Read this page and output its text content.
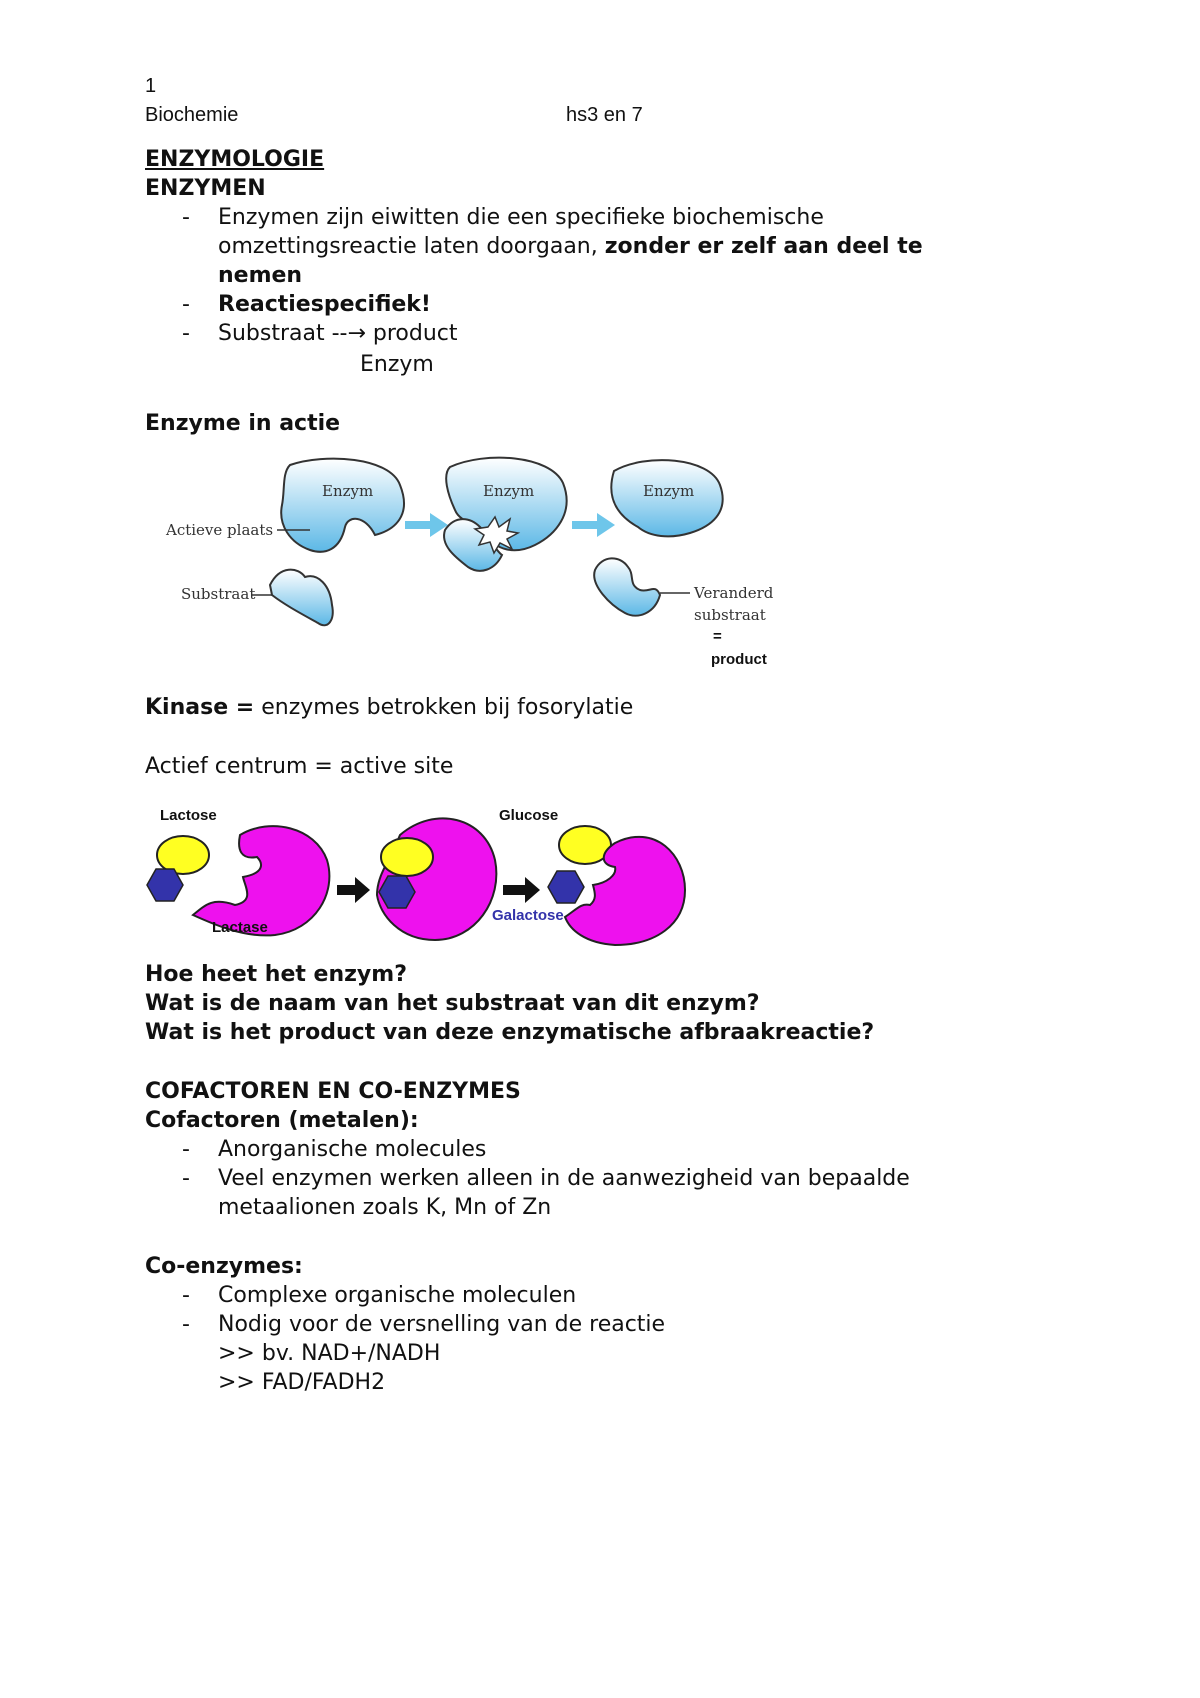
1
Biochemie	hs3 en 7
ENZYMOLOGIE
ENZYMEN
- Enzymen zijn eiwitten die een specifieke biochemische
omzettingsreactie laten doorgaan, zonder er zelf aan deel te
nemen
- Reactiespecifiek!
- Substraat --→ product
Enzym
Enzyme in actie
Enzym
Actieve plaats
Substraat
Enzym	Enzym
Veranderd
substraat
=
product
Kinase = enzymes betrokken bij fosorylatie
Actief centrum = active site
Lactose
Lactase
Glucose
Galactose
Hoe heet het enzym?
Wat is de naam van het substraat van dit enzym?
Wat is het product van deze enzymatische afbraakreactie?
COFACTOREN EN CO-ENZYMES
Cofactoren (metalen):
- Anorganische molecules
- Veel enzymen werken alleen in de aanwezigheid van bepaalde
metaalionen zoals K, Mn of Zn
Co-enzymes:
- Complexe organische moleculen
- Nodig voor de versnelling van de reactie
>> bv. NAD+/NADH
>> FAD/FADH2
